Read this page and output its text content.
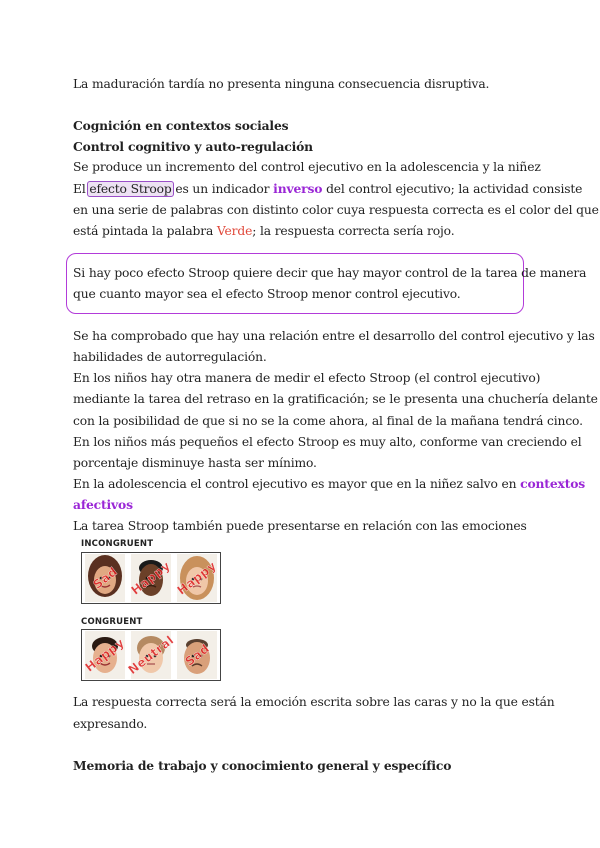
La maduración tardía no presenta ninguna consecuencia disruptiva.
Cognición en contextos sociales
Control cognitivo y auto-regulación
Se produce un incremento del control ejecutivo en la adolescencia y la niñez
El efecto Stroop es un indicador inverso del control ejecutivo; la actividad consiste
en una serie de palabras con distinto color cuya respuesta correcta es el color del que
está pintada la palabra Verde; la respuesta correcta sería rojo.
Si hay poco efecto Stroop quiere decir que hay mayor control de la tarea de manera
que cuanto mayor sea el efecto Stroop menor control ejecutivo.
Se ha comprobado que hay una relación entre el desarrollo del control ejecutivo y las
habilidades de autorregulación.
En los niños hay otra manera de medir el efecto Stroop (el control ejecutivo)
mediante la tarea del retraso en la gratificación; se le presenta una chuchería delante
con la posibilidad de que si no se la come ahora, al final de la mañana tendrá cinco.
En los niños más pequeños el efecto Stroop es muy alto, conforme van creciendo el
porcentaje disminuye hasta ser mínimo.
En la adolescencia el control ejecutivo es mayor que en la niñez salvo en contextos
afectivos
La tarea Stroop también puede presentarse en relación con las emociones
INCONGRUENT
Sad Happy Happy
CONGRUENT
Happy
Neutral Sad
La respuesta correcta será la emoción escrita sobre las caras y no la que están
expresando.
Memoria de trabajo y conocimiento general y específico
